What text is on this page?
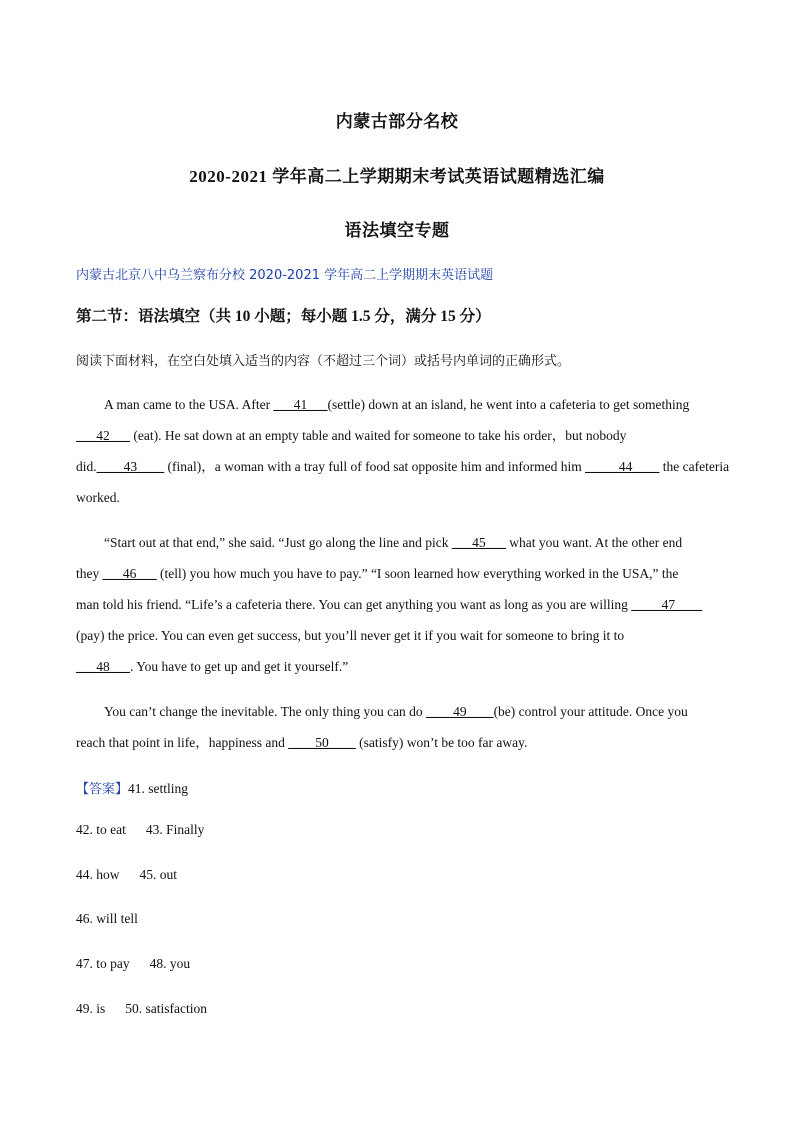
内蒙古部分名校
2020-2021 学年高二上学期期末考试英语试题精选汇编
语法填空专题
内蒙古北京八中乌兰察布分校 2020-2021 学年高二上学期期末英语试题
第二节：语法填空（共 10 小题；每小题 1.5 分，满分 15 分）
阅读下面材料，在空白处填入适当的内容（不超过三个词）或括号内单词的正确形式。
A man came to the USA. After ___41___(settle) down at an island, he went into a cafeteria to get something
___42___ (eat). He sat down at an empty table and waited for someone to take his order，but nobody
did.____43____ (final)，a woman with a tray full of food sat opposite him and informed him _____44____ the cafeteria
worked.
“Start out at that end,” she said. “Just go along the line and pick ___45___ what you want. At the other end
they ___46___ (tell) you how much you have to pay.” “I soon learned how everything worked in the USA,” the
man told his friend. “Life’s a cafeteria there. You can get anything you want as long as you are willing  ____47____
(pay) the price. You can even get success, but you’ll never get it if you wait for someone to bring it to
___48___. You have to get up and get it yourself.”
You can’t change the inevitable. The only thing you can do ____49____(be) control your attitude. Once you
reach that point in life，happiness and ____50____ (satisfy) won’t be too far away.
【答案】41. settling
42. to eat 43. Finally
44. how 45. out
46. will tell
47. to pay 48. you
49. is 50. satisfaction
